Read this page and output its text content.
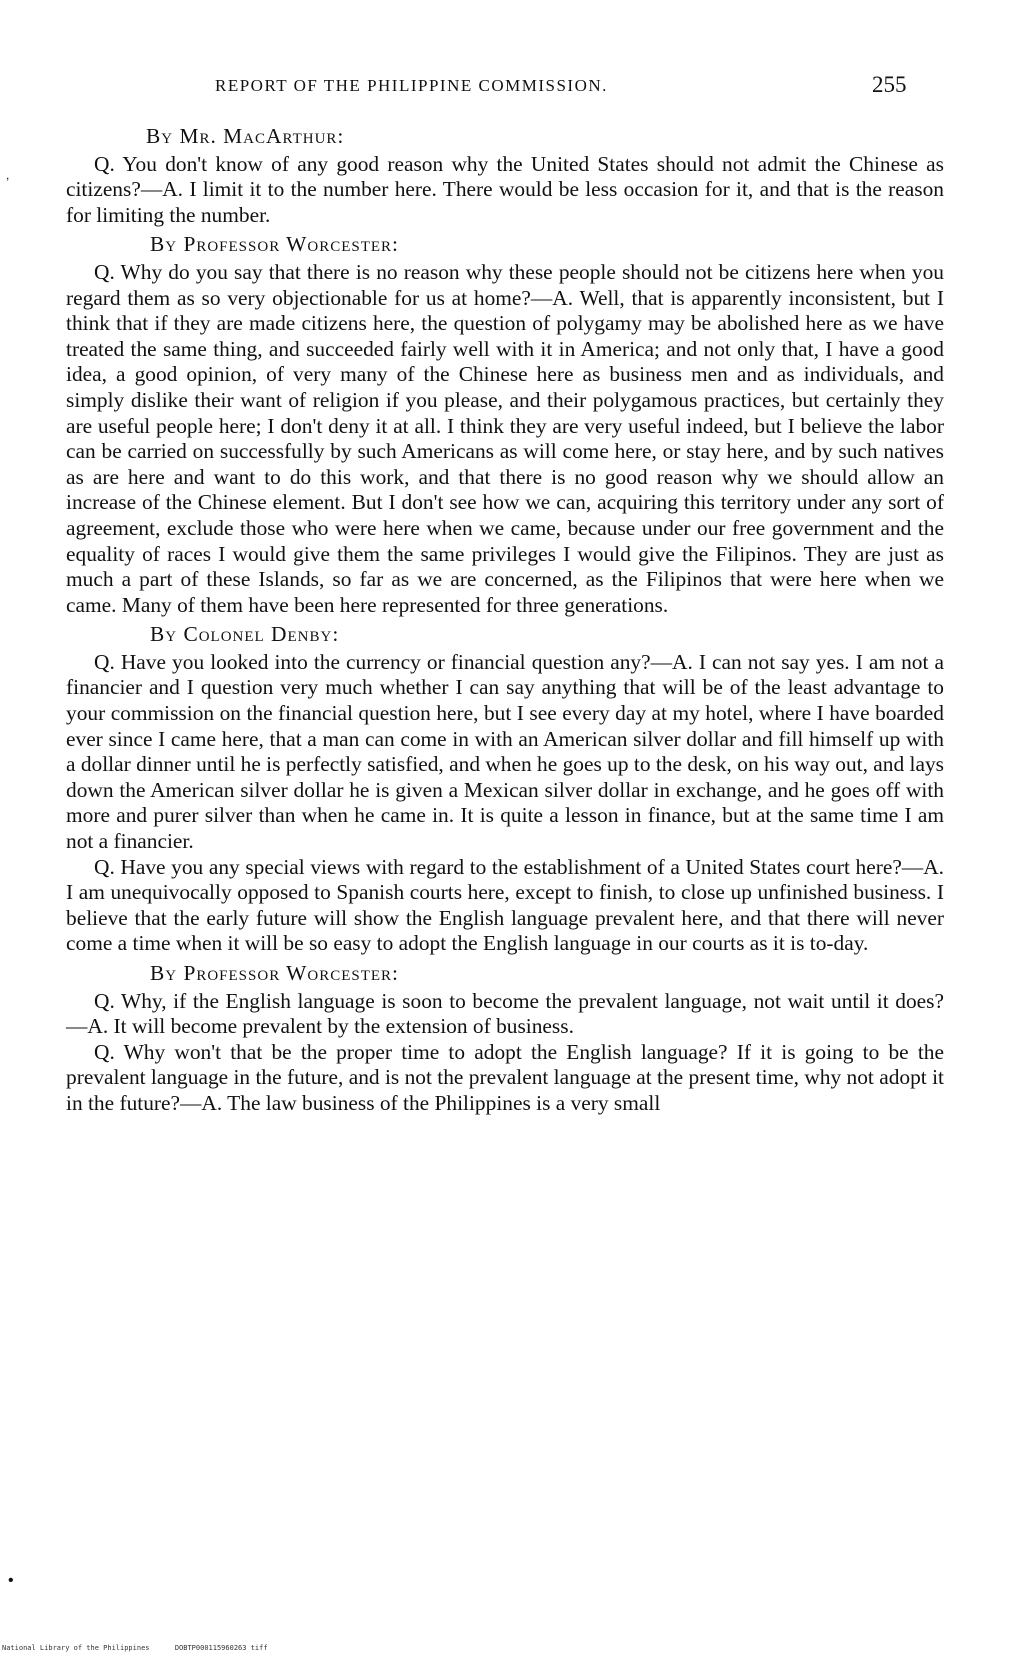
REPORT OF THE PHILIPPINE COMMISSION.	255
,
By Mr. MacArthur:

Q. You don't know of any good reason why the United States should not admit the Chinese as citizens?—A. I limit it to the number here. There would be less occasion for it, and that is the reason for limiting the number.

By Professor Worcester:

Q. Why do you say that there is no reason why these people should not be citizens here when you regard them as so very objectionable for us at home?—A. Well, that is apparently inconsistent, but I think that if they are made citizens here, the question of polygamy may be abolished here as we have treated the same thing, and succeeded fairly well with it in America; and not only that, I have a good idea, a good opinion, of very many of the Chinese here as business men and as individuals, and simply dislike their want of religion if you please, and their polygamous practices, but certainly they are useful people here; I don't deny it at all. I think they are very useful indeed, but I believe the labor can be carried on successfully by such Americans as will come here, or stay here, and by such natives as are here and want to do this work, and that there is no good reason why we should allow an increase of the Chinese element. But I don't see how we can, acquiring this territory under any sort of agreement, exclude those who were here when we came, because under our free government and the equality of races I would give them the same privileges I would give the Filipinos. They are just as much a part of these Islands, so far as we are concerned, as the Filipinos that were here when we came. Many of them have been here represented for three generations.

By Colonel Denby:

Q. Have you looked into the currency or financial question any?—A. I can not say yes. I am not a financier and I question very much whether I can say anything that will be of the least advantage to your commission on the financial question here, but I see every day at my hotel, where I have boarded ever since I came here, that a man can come in with an American silver dollar and fill himself up with a dollar dinner until he is perfectly satisfied, and when he goes up to the desk, on his way out, and lays down the American silver dollar he is given a Mexican silver dollar in exchange, and he goes off with more and purer silver than when he came in. It is quite a lesson in finance, but at the same time I am not a financier.

Q. Have you any special views with regard to the establishment of a United States court here?—A. I am unequivocally opposed to Spanish courts here, except to finish, to close up unfinished business. I believe that the early future will show the English language prevalent here, and that there will never come a time when it will be so easy to adopt the English language in our courts as it is to-day.

By Professor Worcester:

Q. Why, if the English language is soon to become the prevalent language, not wait until it does?—A. It will become prevalent by the extension of business.

Q. Why won't that be the proper time to adopt the English language? If it is going to be the prevalent language in the future, and is not the prevalent language at the present time, why not adopt it in the future?—A. The law business of the Philippines is a very small

•
National Library of the Philippines	DOBTP000115960263 tiff
